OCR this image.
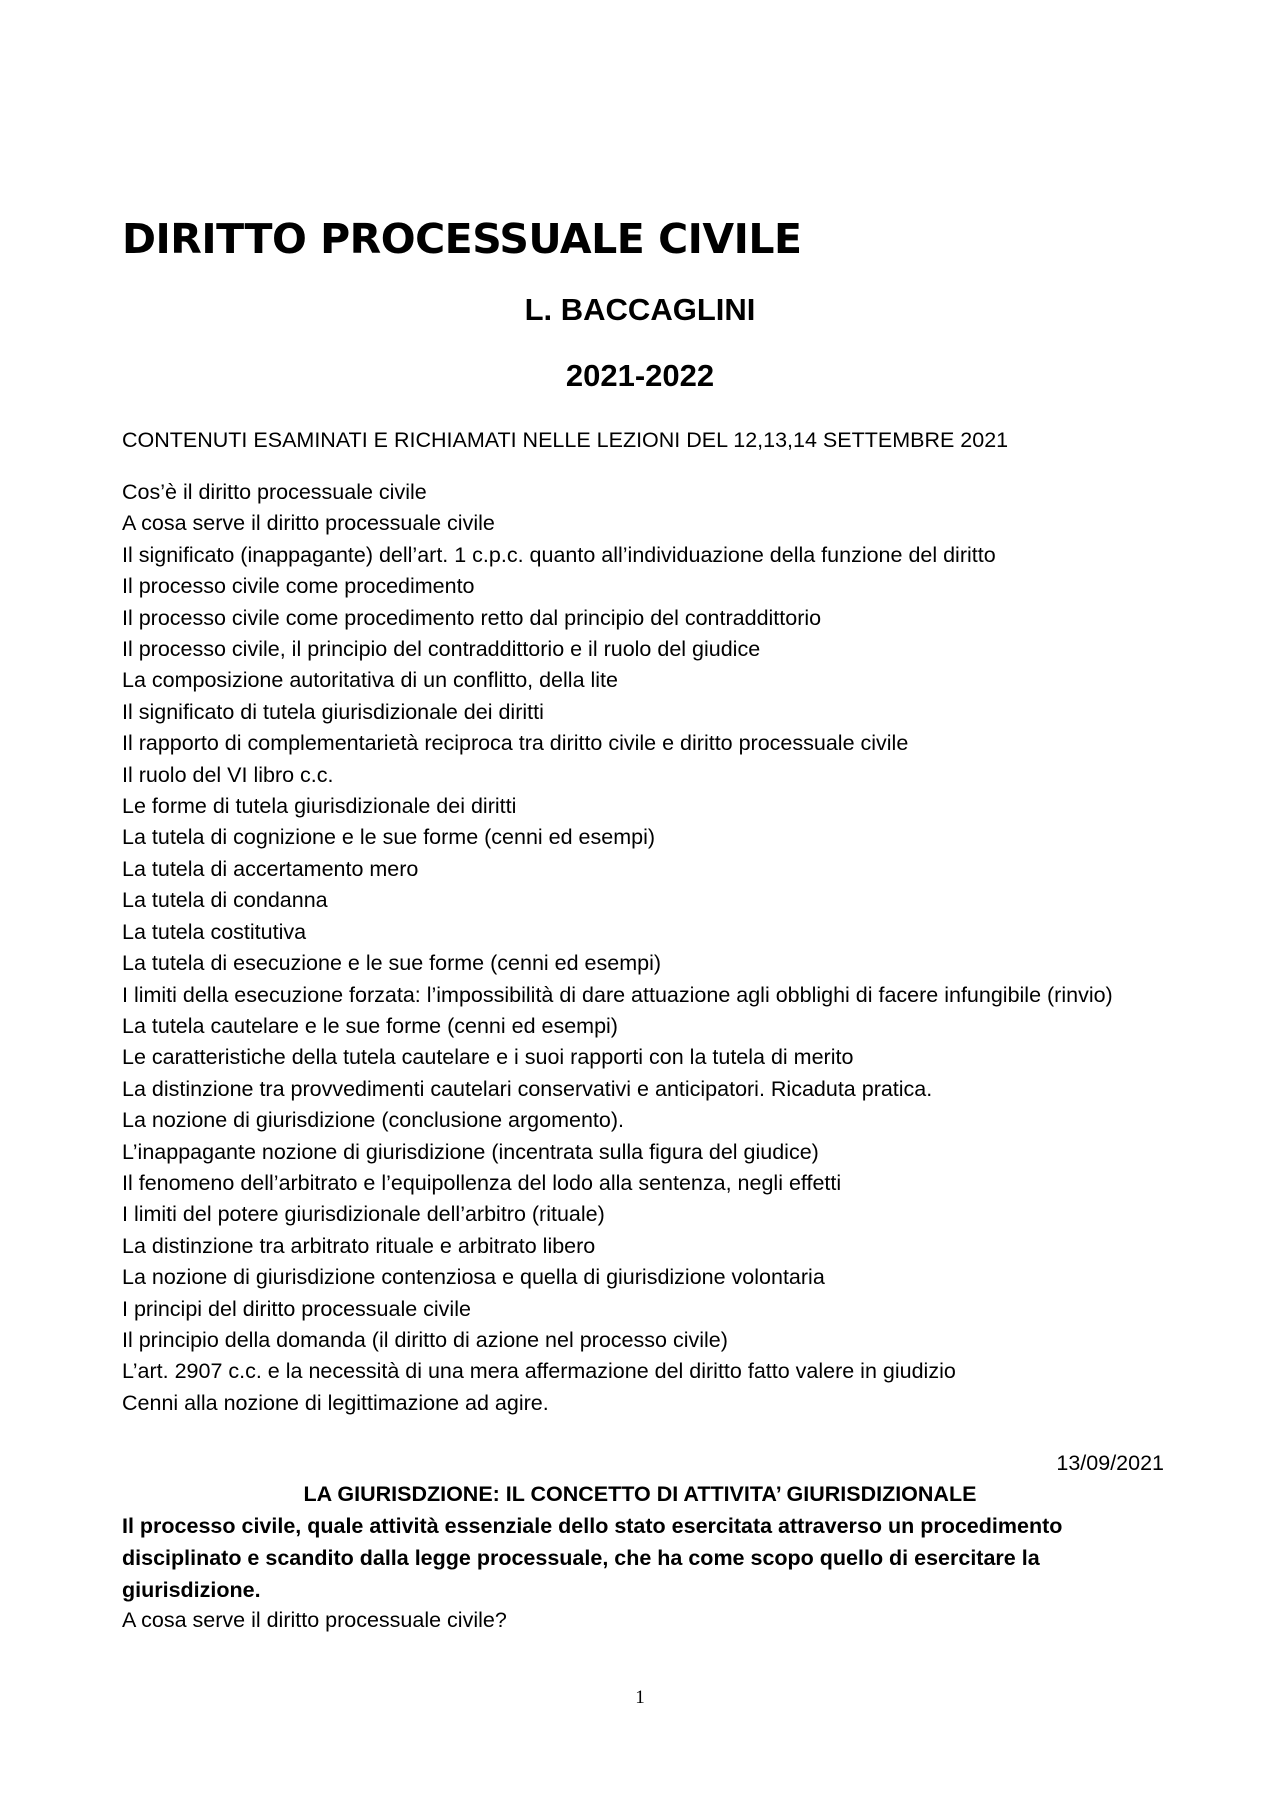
DIRITTO PROCESSUALE CIVILE
L. BACCAGLINI
2021-2022
CONTENUTI ESAMINATI E RICHIAMATI NELLE LEZIONI DEL 12,13,14 SETTEMBRE 2021
Cos’è il diritto processuale civile
A cosa serve il diritto processuale civile
Il significato (inappagante) dell’art. 1 c.p.c. quanto all’individuazione della funzione del diritto
Il processo civile come procedimento
Il processo civile come procedimento retto dal principio del contraddittorio
Il processo civile, il principio del contraddittorio e il ruolo del giudice
La composizione autoritativa di un conflitto, della lite
Il significato di tutela giurisdizionale dei diritti
Il rapporto di complementarietà reciproca tra diritto civile e diritto processuale civile
Il ruolo del VI libro c.c.
Le forme di tutela giurisdizionale dei diritti
La tutela di cognizione e le sue forme (cenni ed esempi)
La tutela di accertamento mero
La tutela di condanna
La tutela costitutiva
La tutela di esecuzione e le sue forme (cenni ed esempi)
I limiti della esecuzione forzata: l’impossibilità di dare attuazione agli obblighi di facere infungibile (rinvio)
La tutela cautelare e le sue forme (cenni ed esempi)
Le caratteristiche della tutela cautelare e i suoi rapporti con la tutela di merito
La distinzione tra provvedimenti cautelari conservativi e anticipatori. Ricaduta pratica.
La nozione di giurisdizione (conclusione argomento).
L’inappagante nozione di giurisdizione (incentrata sulla figura del giudice)
Il fenomeno dell’arbitrato e l’equipollenza del lodo alla sentenza, negli effetti
I limiti del potere giurisdizionale dell’arbitro (rituale)
La distinzione tra arbitrato rituale e arbitrato libero
La nozione di giurisdizione contenziosa e quella di giurisdizione volontaria
I principi del diritto processuale civile
Il principio della domanda (il diritto di azione nel processo civile)
L’art. 2907 c.c. e la necessità di una mera affermazione del diritto fatto valere in giudizio
Cenni alla nozione di legittimazione ad agire.
13/09/2021
LA GIURISDZIONE: IL CONCETTO DI ATTIVITA’ GIURISDIZIONALE

Il processo civile, quale attività essenziale dello stato esercitata attraverso un procedimento disciplinato e scandito dalla legge processuale, che ha come scopo quello di esercitare la giurisdizione.

A cosa serve il diritto processuale civile?

1
